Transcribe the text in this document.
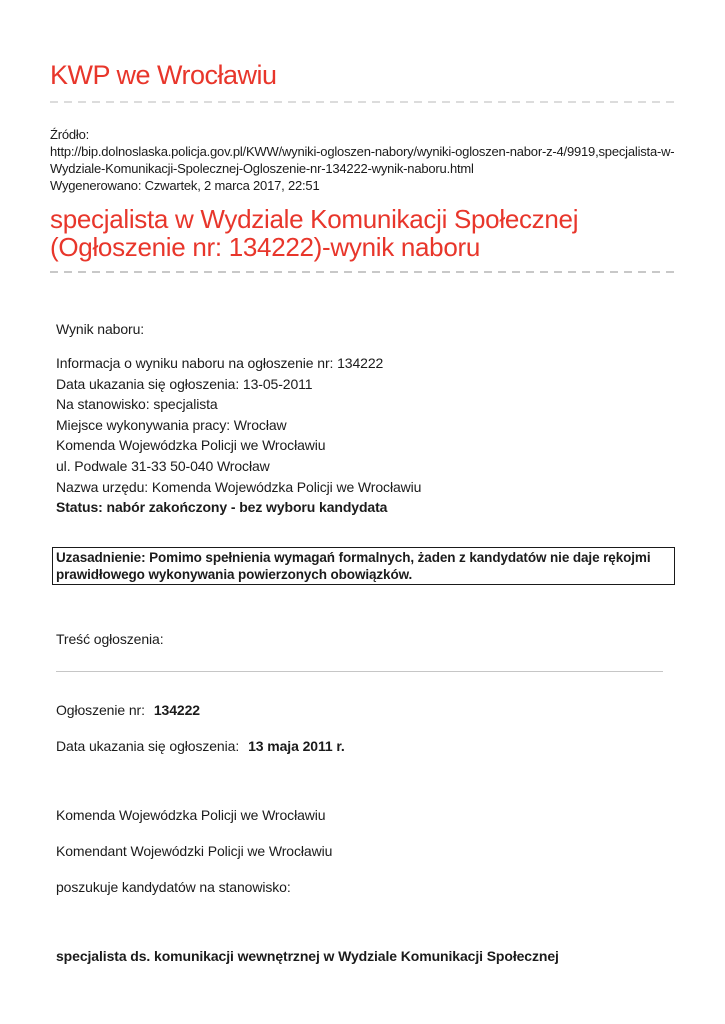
KWP we Wrocławiu
Źródło:
http://bip.dolnoslaska.policja.gov.pl/KWW/wyniki-ogloszen-nabory/wyniki-ogloszen-nabor-z-4/9919,specjalista-w-Wydziale-Komunikacji-Spolecznej-Ogloszenie-nr-134222-wynik-naboru.html
Wygenerowano: Czwartek, 2 marca 2017, 22:51
specjalista w Wydziale Komunikacji Społecznej (Ogłoszenie nr: 134222)-wynik naboru
Wynik naboru:
Informacja o wyniku naboru na ogłoszenie nr: 134222
Data ukazania się ogłoszenia: 13-05-2011
Na stanowisko: specjalista
Miejsce wykonywania pracy: Wrocław
Komenda Wojewódzka Policji we Wrocławiu
ul. Podwale 31-33 50-040 Wrocław
Nazwa urzędu: Komenda Wojewódzka Policji we Wrocławiu
Status: nabór zakończony - bez wyboru kandydata
Uzasadnienie: Pomimo spełnienia wymagań formalnych, żaden z kandydatów nie daje rękojmi prawidłowego wykonywania powierzonych obowiązków.
Treść ogłoszenia:
Ogłoszenie nr: 134222
Data ukazania się ogłoszenia: 13 maja 2011 r.
Komenda Wojewódzka Policji we Wrocławiu
Komendant Wojewódzki Policji we Wrocławiu
poszukuje kandydatów na stanowisko:
specjalista ds. komunikacji wewnętrznej w Wydziale Komunikacji Społecznej
